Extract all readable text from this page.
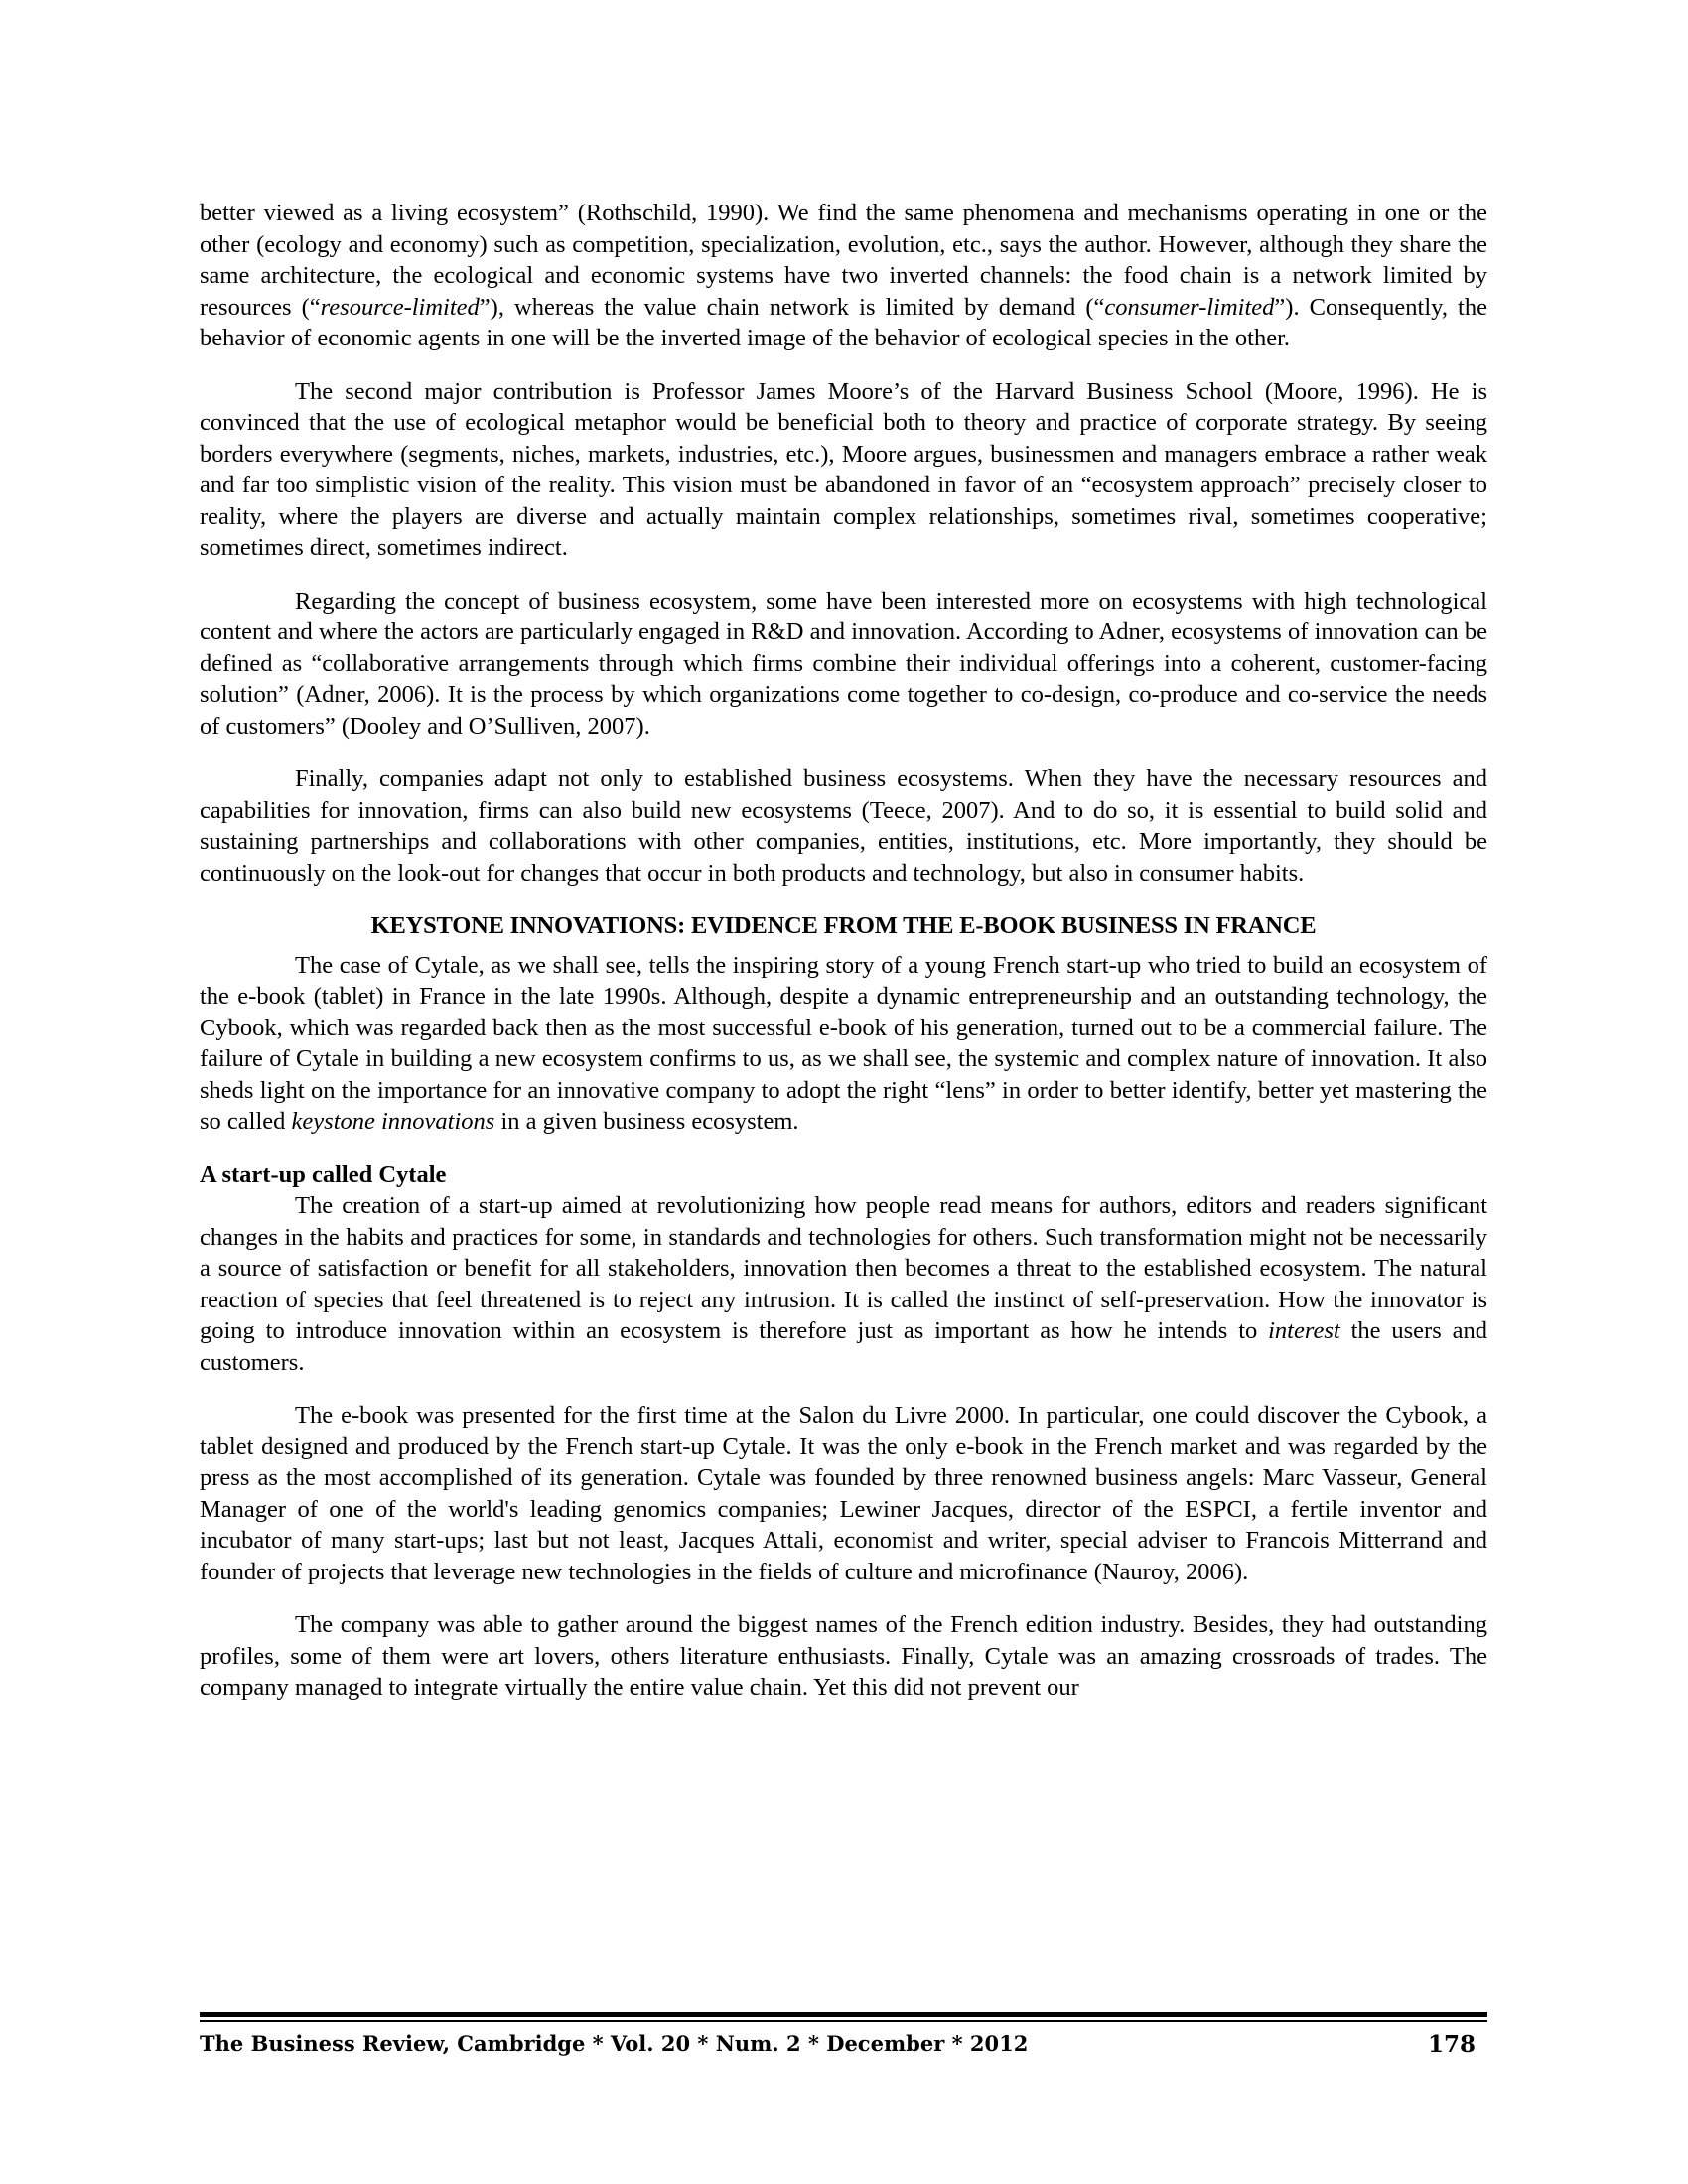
better viewed as a living ecosystem” (Rothschild, 1990). We find the same phenomena and mechanisms operating in one or the other (ecology and economy) such as competition, specialization, evolution, etc., says the author. However, although they share the same architecture, the ecological and economic systems have two inverted channels: the food chain is a network limited by resources (“resource-limited”), whereas the value chain network is limited by demand (“consumer-limited”). Consequently, the behavior of economic agents in one will be the inverted image of the behavior of ecological species in the other.

The second major contribution is Professor James Moore’s of the Harvard Business School (Moore, 1996). He is convinced that the use of ecological metaphor would be beneficial both to theory and practice of corporate strategy. By seeing borders everywhere (segments, niches, markets, industries, etc.), Moore argues, businessmen and managers embrace a rather weak and far too simplistic vision of the reality. This vision must be abandoned in favor of an “ecosystem approach” precisely closer to reality, where the players are diverse and actually maintain complex relationships, sometimes rival, sometimes cooperative; sometimes direct, sometimes indirect.

Regarding the concept of business ecosystem, some have been interested more on ecosystems with high technological content and where the actors are particularly engaged in R&D and innovation. According to Adner, ecosystems of innovation can be defined as “collaborative arrangements through which firms combine their individual offerings into a coherent, customer-facing solution” (Adner, 2006). It is the process by which organizations come together to co-design, co-produce and co-service the needs of customers” (Dooley and O’Sulliven, 2007).

Finally, companies adapt not only to established business ecosystems. When they have the necessary resources and capabilities for innovation, firms can also build new ecosystems (Teece, 2007). And to do so, it is essential to build solid and sustaining partnerships and collaborations with other companies, entities, institutions, etc. More importantly, they should be continuously on the look-out for changes that occur in both products and technology, but also in consumer habits.

KEYSTONE INNOVATIONS: EVIDENCE FROM THE E-BOOK BUSINESS IN FRANCE

The case of Cytale, as we shall see, tells the inspiring story of a young French start-up who tried to build an ecosystem of the e-book (tablet) in France in the late 1990s. Although, despite a dynamic entrepreneurship and an outstanding technology, the Cybook, which was regarded back then as the most successful e-book of his generation, turned out to be a commercial failure. The failure of Cytale in building a new ecosystem confirms to us, as we shall see, the systemic and complex nature of innovation. It also sheds light on the importance for an innovative company to adopt the right “lens” in order to better identify, better yet mastering the so called keystone innovations in a given business ecosystem.

A start-up called Cytale

The creation of a start-up aimed at revolutionizing how people read means for authors, editors and readers significant changes in the habits and practices for some, in standards and technologies for others. Such transformation might not be necessarily a source of satisfaction or benefit for all stakeholders, innovation then becomes a threat to the established ecosystem. The natural reaction of species that feel threatened is to reject any intrusion. It is called the instinct of self-preservation. How the innovator is going to introduce innovation within an ecosystem is therefore just as important as how he intends to interest the users and customers.

The e-book was presented for the first time at the Salon du Livre 2000. In particular, one could discover the Cybook, a tablet designed and produced by the French start-up Cytale. It was the only e-book in the French market and was regarded by the press as the most accomplished of its generation. Cytale was founded by three renowned business angels: Marc Vasseur, General Manager of one of the world's leading genomics companies; Lewiner Jacques, director of the ESPCI, a fertile inventor and incubator of many start-ups; last but not least, Jacques Attali, economist and writer, special adviser to Francois Mitterrand and founder of projects that leverage new technologies in the fields of culture and microfinance (Nauroy, 2006).

The company was able to gather around the biggest names of the French edition industry. Besides, they had outstanding profiles, some of them were art lovers, others literature enthusiasts. Finally, Cytale was an amazing crossroads of trades. The company managed to integrate virtually the entire value chain. Yet this did not prevent our

The Business Review, Cambridge * Vol. 20 * Num. 2 * December * 2012	178
